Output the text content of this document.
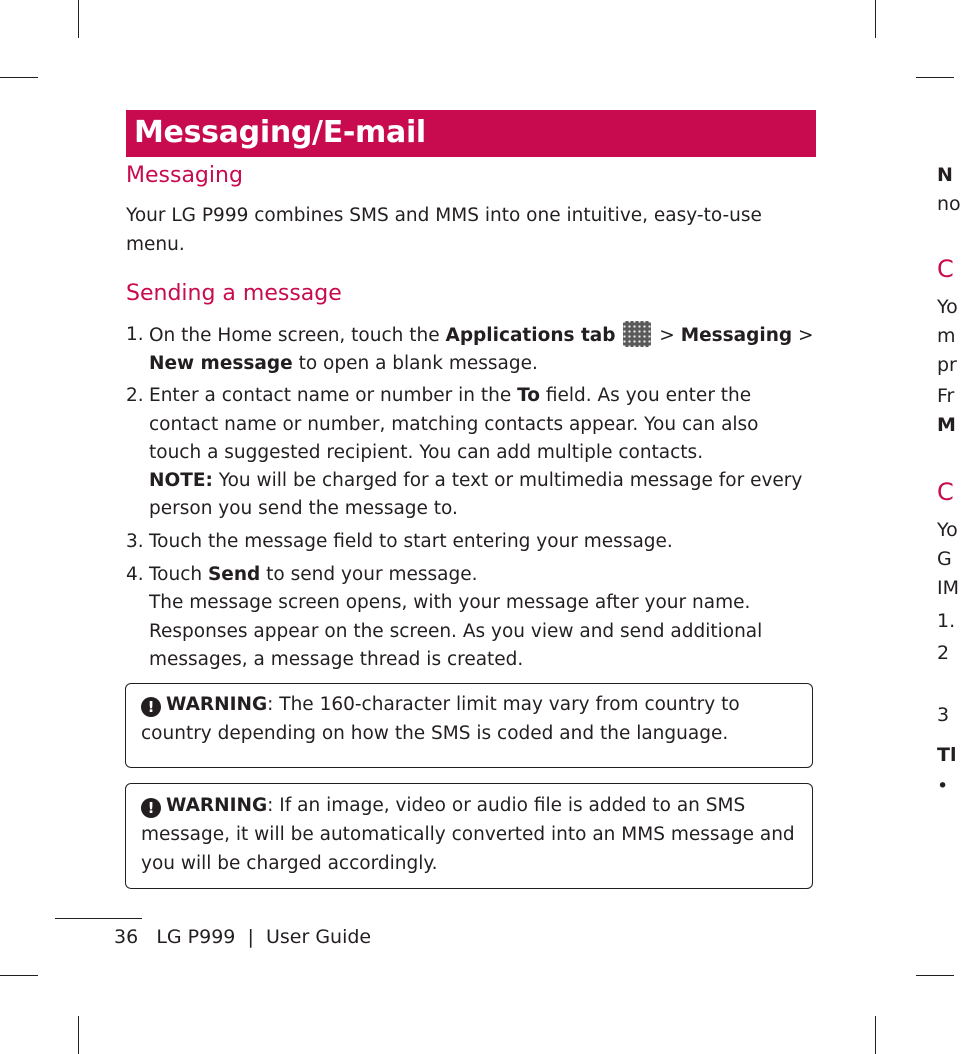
Messaging/E-mail
Messaging
Your LG P999 combines SMS and MMS into one intuitive, easy-to-use
menu.
Sending a message
1. On the Home screen, touch the Applications tab  > Messaging >
New message to open a blank message.
2. Enter a contact name or number in the To field. As you enter the
contact name or number, matching contacts appear. You can also
touch a suggested recipient. You can add multiple contacts.
NOTE: You will be charged for a text or multimedia message for every
person you send the message to.
3. Touch the message field to start entering your message.
4. Touch Send to send your message.
The message screen opens, with your message after your name.
Responses appear on the screen. As you view and send additional
messages, a message thread is created.
! WARNING: The 160-character limit may vary from country to
country depending on how the SMS is coded and the language.
! WARNING: If an image, video or audio file is added to an SMS
message, it will be automatically converted into an MMS message and
you will be charged accordingly.
36 LG P999 | User Guide
N
no
C
Yo
m
pr
Fr
M
C
Yo
G
IM
1.
2
3
Tl
•
